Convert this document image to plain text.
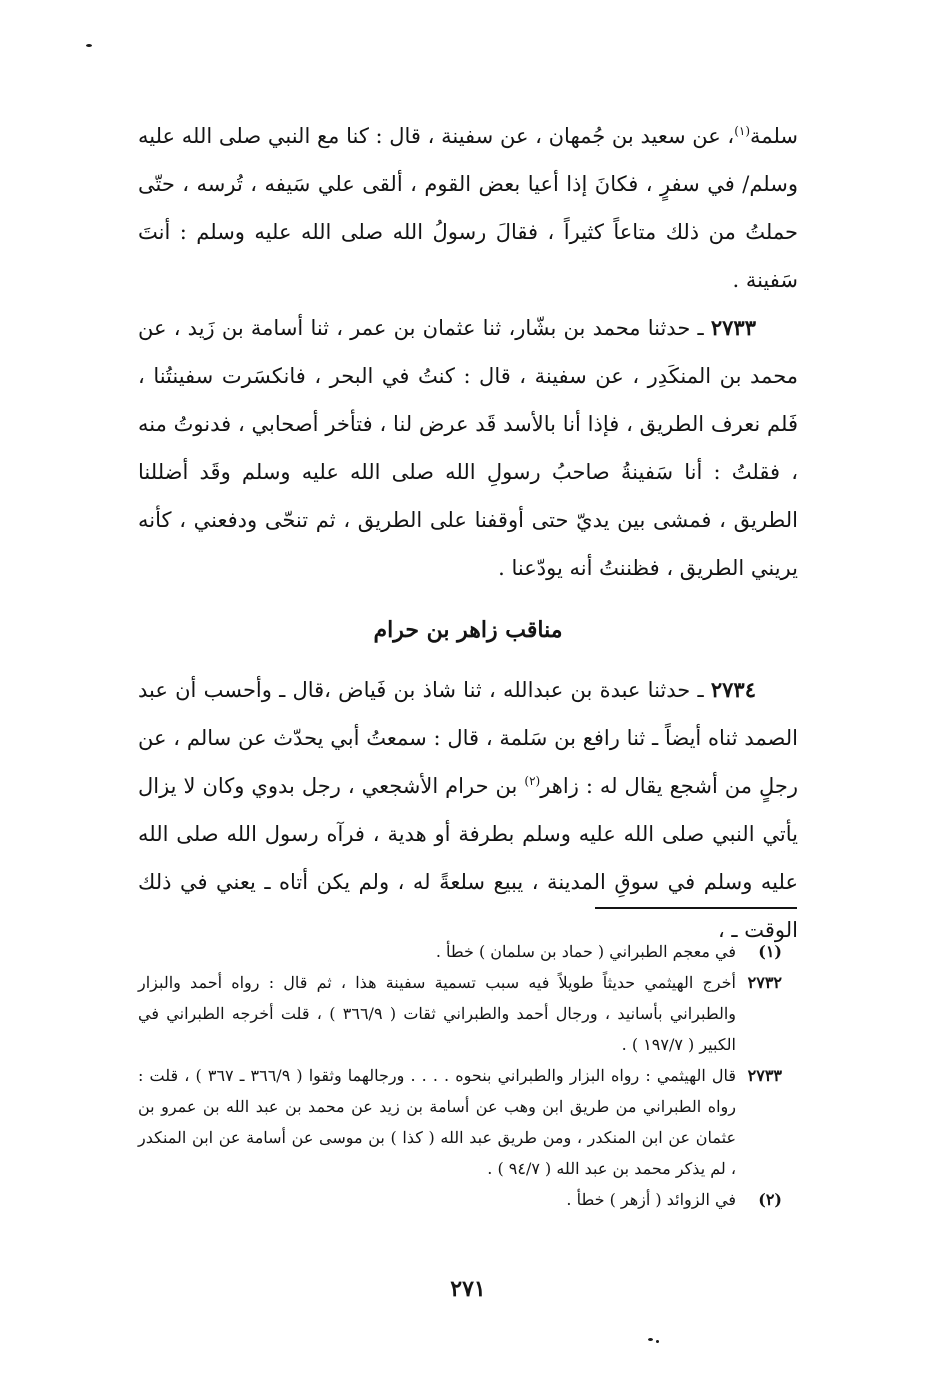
سلمة$^{(١)}$، عن سعيد بن جُمهان ، عن سفينة ، قال : كنا مع النبي صلى الله عليه وسلم/ في سفرٍ ، فكانَ إذا أعيا بعض القوم ، ألقى علي سَيفه ، تُرسه ، حتّى حملتُ من ذلك متاعاً كثيراً ، فقالَ رسولُ الله صلى الله عليه وسلم : أنتَ سَفينة .

٢٧٣٣ ـ حدثنا محمد بن بشّار، ثنا عثمان بن عمر ، ثنا أسامة بن زَيد ، عن محمد بن المنكَدِر ، عن سفينة ، قال : كنتُ في البحر ، فانكسَرت سفينتُنا ، فَلم نعرف الطريق ، فإذا أنا بالأسد قَد عرض لنا ، فتأخر أصحابي ، فدنوتُ منه ، فقلتُ : أنا سَفينةُ صاحبُ رسولِ الله صلى الله عليه وسلم وقَد أضللنا الطريق ، فمشى بين يديّ حتى أوقفنا على الطريق ، ثم تنحّى ودفعني ، كأنه يريني الطريق ، فظننتُ أنه يودّعنا .

مناقب زاهر بن حرام

٢٧٣٤ ـ حدثنا عبدة بن عبدالله ، ثنا شاذ بن فَياض ،قال ـ وأحسب أن عبد الصمد ثناه أيضاً ـ ثنا رافع بن سَلمة ، قال : سمعتُ أبي يحدّث عن سالم ، عن رجلٍ من أشجع يقال له : زاهر$^{(٢)}$ بن حرام الأشجعي ، رجل بدوي وكان لا يزال يأتي النبي صلى الله عليه وسلم بطرفة أو هدية ، فرآه رسول الله صلى الله عليه وسلم في سوقِ المدينة ، يبيع سلعةً له ، ولم يكن أتاه ـ يعني في ذلك الوقت ـ ،

(١)
في معجم الطبراني ( حماد بن سلمان ) خطأ .
٢٧٣٢
أخرج الهيثمي حديثاً طويلاً فيه سبب تسمية سفينة هذا ، ثم قال : رواه أحمد والبزار والطبراني بأسانيد ، ورجال أحمد والطبراني ثقات ( ٣٦٦/٩ ) ، قلت أخرجه الطبراني في الكبير ( ١٩٧/٧ ) .
٢٧٣٣
قال الهيثمي : رواه البزار والطبراني بنحوه . . . . ورجالهما وثقوا ( ٣٦٦/٩ ـ ٣٦٧ ) ، قلت : رواه الطبراني من طريق ابن وهب عن أسامة بن زيد عن محمد بن عبد الله بن عمرو بن عثمان عن ابن المنكدر ، ومن طريق عبد الله ( كذا ) بن موسى عن أسامة عن ابن المنكدر ، لم يذكر محمد بن عبد الله ( ٩٤/٧ ) .
(٢)
في الزوائد ( أزهر ) خطأ .
٢٧١
